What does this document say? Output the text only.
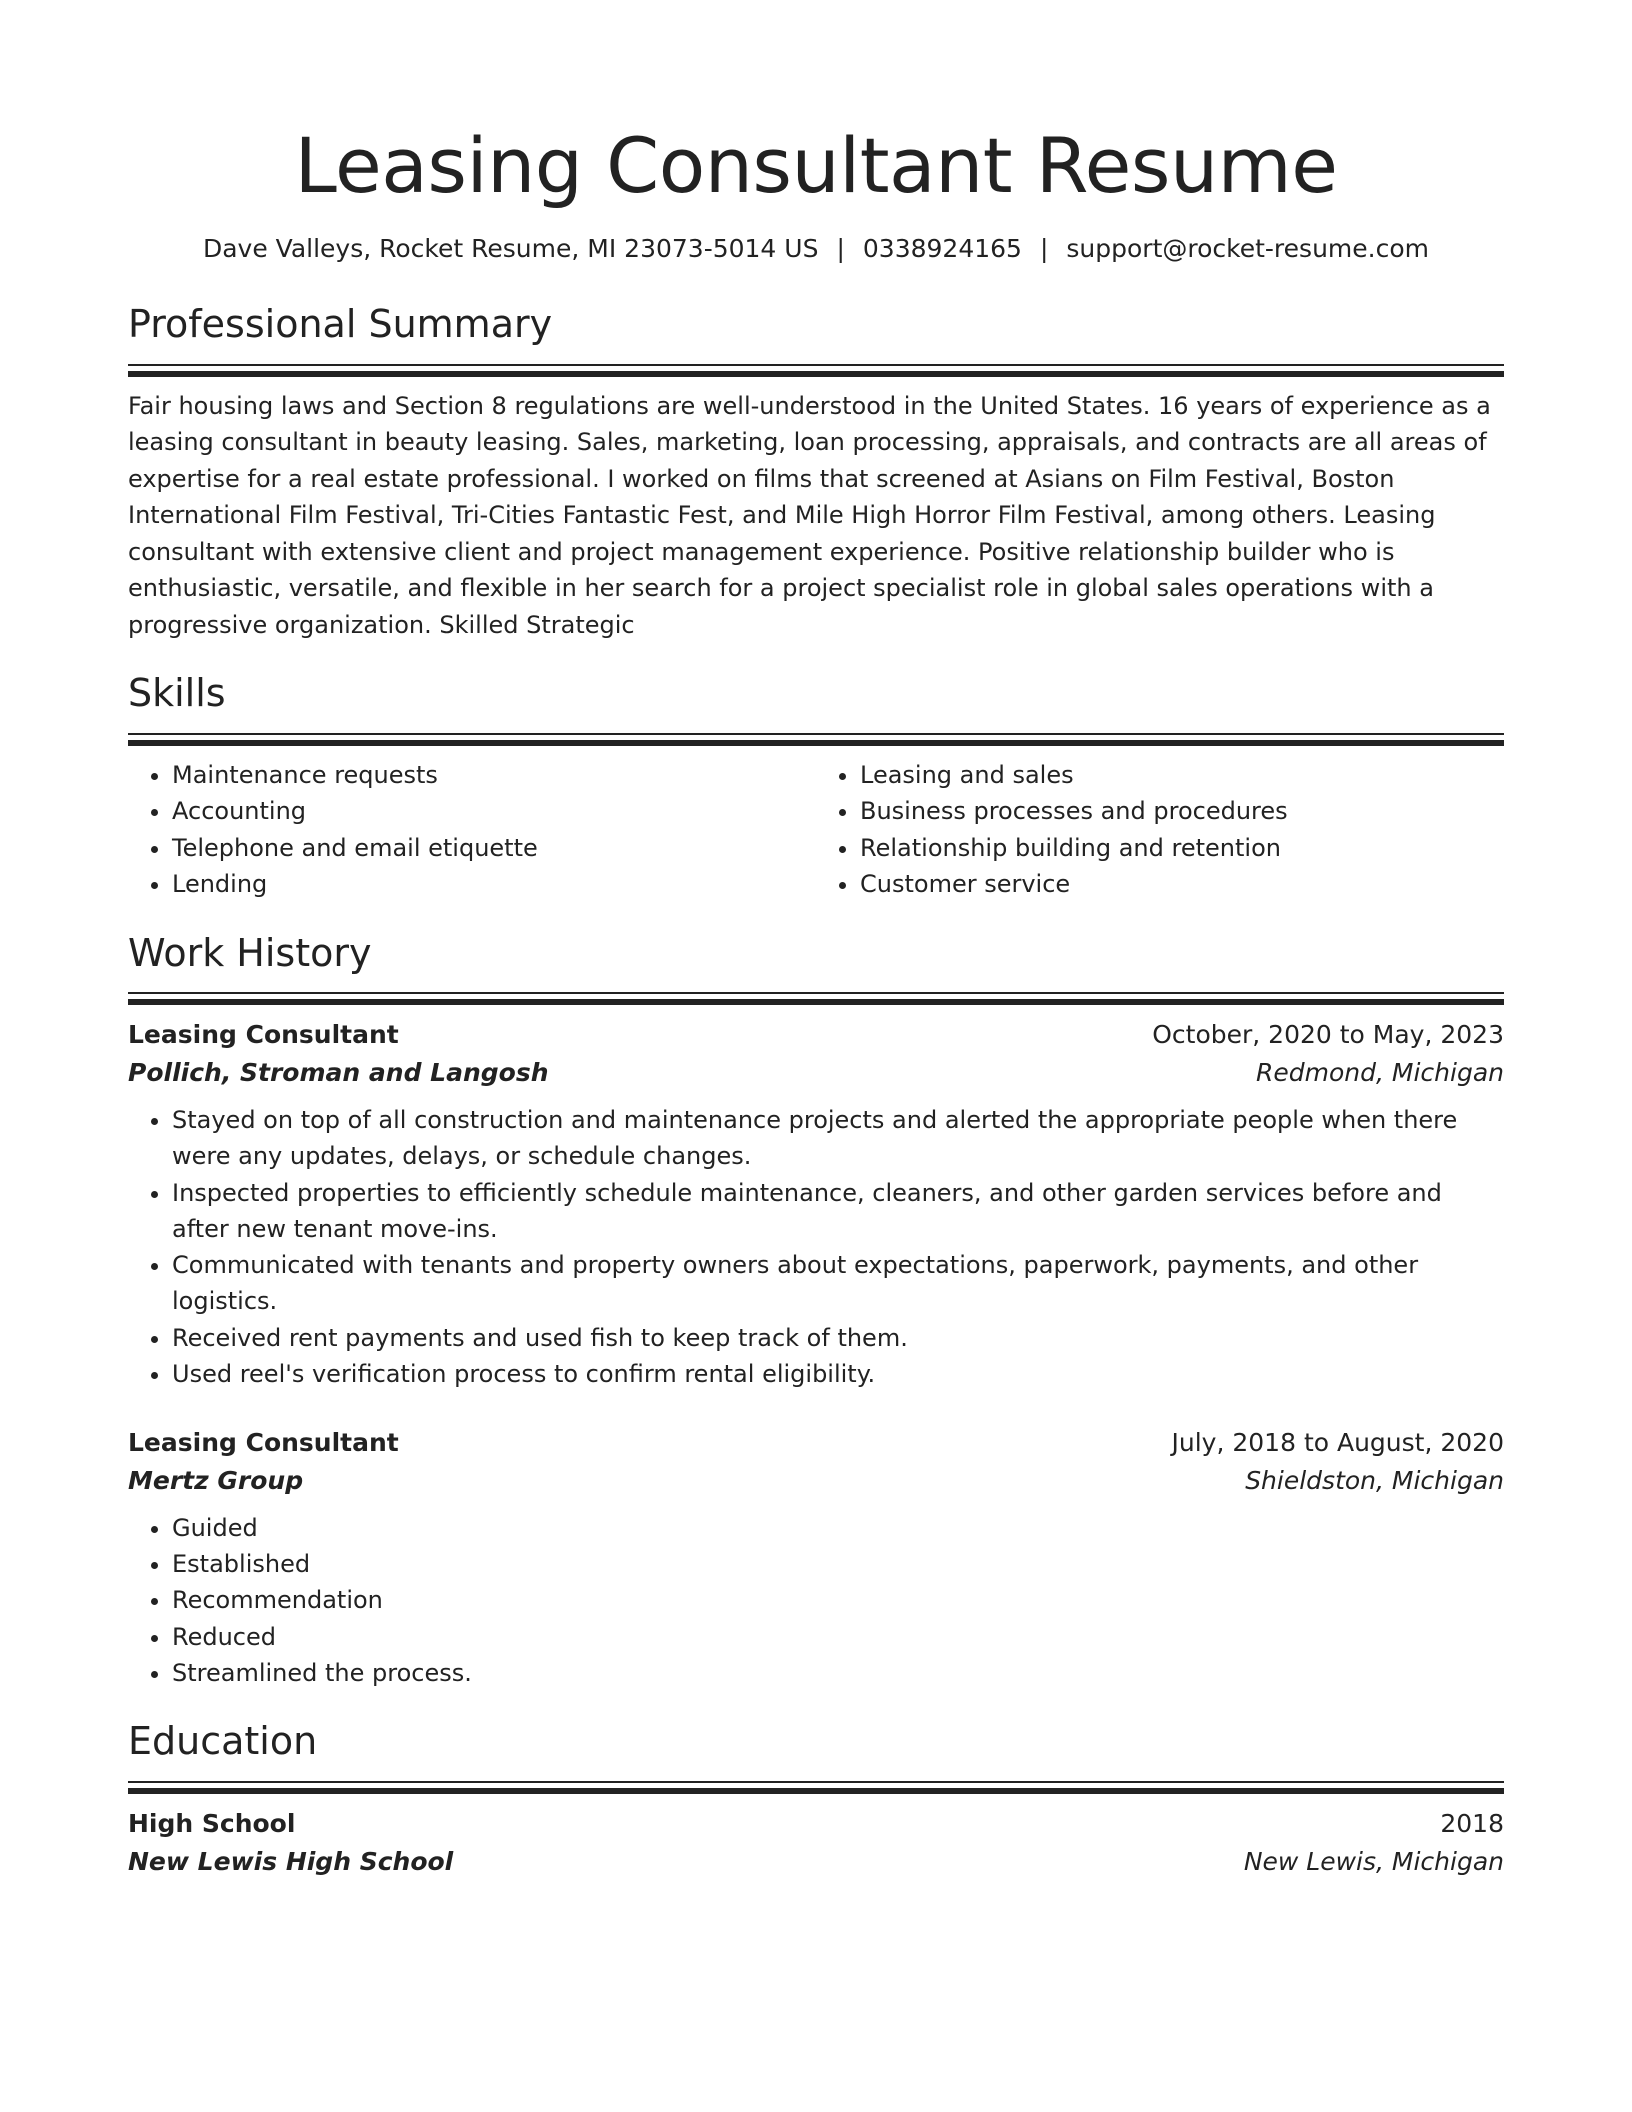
Leasing Consultant Resume
Dave Valleys, Rocket Resume, MI 23073-5014 US | 0338924165 | support@rocket-resume.com
Professional Summary

Fair housing laws and Section 8 regulations are well-understood in the United States. 16 years of experience as a leasing consultant in beauty leasing. Sales, marketing, loan processing, appraisals, and contracts are all areas of expertise for a real estate professional. I worked on films that screened at Asians on Film Festival, Boston International Film Festival, Tri-Cities Fantastic Fest, and Mile High Horror Film Festival, among others. Leasing consultant with extensive client and project management experience. Positive relationship builder who is enthusiastic, versatile, and flexible in her search for a project specialist role in global sales operations with a progressive organization. Skilled Strategic

Skills
• Maintenance requests
• Accounting
• Telephone and email etiquette
• Lending
• Leasing and sales
• Business processes and procedures
• Relationship building and retention
• Customer service
Work History
Leasing Consultant	October, 2020 to May, 2023
Pollich, Stroman and Langosh	Redmond, Michigan
• Stayed on top of all construction and maintenance projects and alerted the appropriate people when there were any updates, delays, or schedule changes.
• Inspected properties to efficiently schedule maintenance, cleaners, and other garden services before and after new tenant move-ins.
• Communicated with tenants and property owners about expectations, paperwork, payments, and other logistics.
• Received rent payments and used fish to keep track of them.
• Used reel's verification process to confirm rental eligibility.
Leasing Consultant	July, 2018 to August, 2020
Mertz Group	Shieldston, Michigan
• Guided
• Established
• Recommendation
• Reduced
• Streamlined the process.
Education
High School	2018
New Lewis High School	New Lewis, Michigan
